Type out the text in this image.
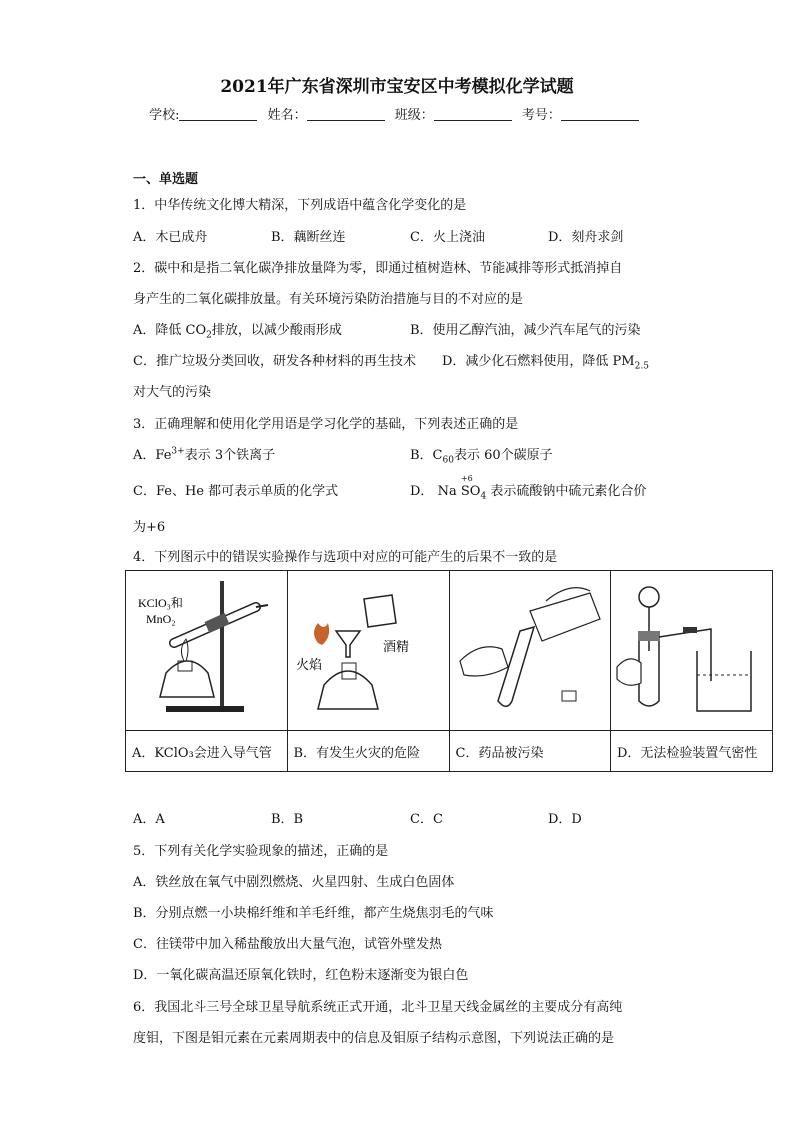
2021年广东省深圳市宝安区中考模拟化学试题
学校:	姓名：	班级：	考号：
一、单选题
1．中华传统文化博大精深，下列成语中蕴含化学变化的是
A．木已成舟	B．藕断丝连	C．火上浇油	D．刻舟求剑
2．碳中和是指二氧化碳净排放量降为零，即通过植树造林、节能减排等形式抵消掉自
身产生的二氧化碳排放量。有关环境污染防治措施与目的不对应的是
A．降低 $CO_2$排放，以减少酸雨形成	B．使用乙醇汽油，减少汽车尾气的污染
C．推广垃圾分类回收，研发各种材料的再生技术 D．减少化石燃料使用，降低 $PM_{2.5}$
对大气的污染
3．正确理解和使用化学用语是学习化学的基础，下列表述正确的是
A．$Fe^{3+}$表示 3个铁离子	B．$C_{60}$表示 60个碳原子
C．Fe、He 都可表示单质的化学式	D． Na
+6
$SO_4$ 表示硫酸钠中硫元素化合价
为+6
4．下列图示中的错误实验操作与选项中对应的可能产生的后果不一致的是
KClO₃和
MnO₂	酒精
火焰

A．KClO₃会进入导气管	B．有发生火灾的危险	C．药品被污染	D．无法检验装置气密性
A．A	B．B	C．C	D．D
5．下列有关化学实验现象的描述，正确的是
A．铁丝放在氧气中剧烈燃烧、火星四射、生成白色固体
B．分别点燃一小块棉纤维和羊毛纤维，都产生烧焦羽毛的气味
C．往镁带中加入稀盐酸放出大量气泡，试管外壁发热
D．一氧化碳高温还原氧化铁时，红色粉末逐渐变为银白色
6．我国北斗三号全球卫星导航系统正式开通，北斗卫星天线金属丝的主要成分有高纯
度钼，下图是钼元素在元素周期表中的信息及钼原子结构示意图，下列说法正确的是
